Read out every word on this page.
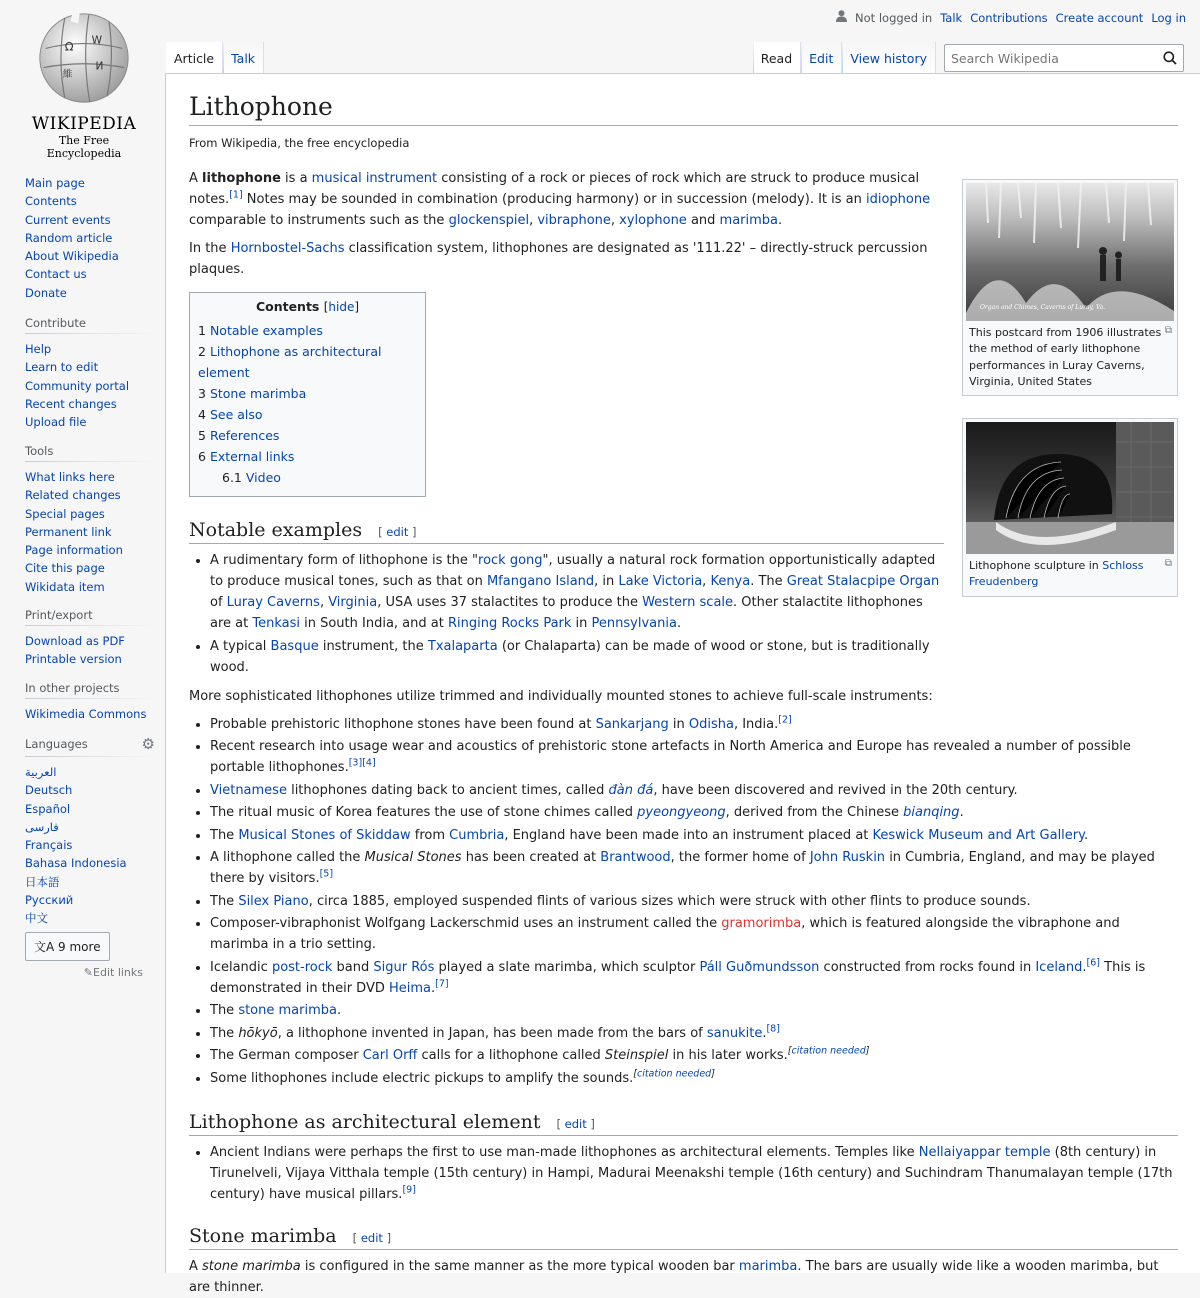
Ω W
И
維
WIKIPEDIA
The Free Encyclopedia
Main page
Contents
Current events
Random article
About Wikipedia
Contact us
Donate
Contribute
Help
Learn to edit
Community portal
Recent changes
Upload file
Tools
What links here
Related changes
Special pages
Permanent link
Page information
Cite this page
Wikidata item
Print/export
Download as PDF
Printable version
In other projects
Wikimedia Commons
Languages	⚙
العربية
Deutsch
Español
فارسی
Français
Bahasa Indonesia
日本語
Русский
中文
文A 9 more
✎Edit links
Not logged in Talk Contributions Create account Log in
Article	Talk	Read	Edit	View history
Search Wikipedia
Lithophone
From Wikipedia, the free encyclopedia
Organ and Chimes, Caverns of Luray, Va.
⧉
This postcard from 1906 illustrates the method of early lithophone performances in Luray Caverns, Virginia, United States
⧉
Lithophone sculpture in Schloss Freudenberg

A lithophone is a musical instrument consisting of a rock or pieces of rock which are struck to produce musical notes.[1] Notes may be sounded in combination (producing harmony) or in succession (melody). It is an idiophone comparable to instruments such as the glockenspiel, vibraphone, xylophone and marimba.

In the Hornbostel-Sachs classification system, lithophones are designated as '111.22' – directly-struck percussion plaques.

Contents [hide]
1 Notable examples
2 Lithophone as architectural element
3 Stone marimba
4 See also
5 References
6 External links
6.1 Video
Notable examples [ edit ]
• A rudimentary form of lithophone is the "rock gong", usually a natural rock formation opportunistically adapted to produce musical tones, such as that on Mfangano Island, in Lake Victoria, Kenya. The Great Stalacpipe Organ of Luray Caverns, Virginia, USA uses 37 stalactites to produce the Western scale. Other stalactite lithophones are at Tenkasi in South India, and at Ringing Rocks Park in Pennsylvania.
• A typical Basque instrument, the Txalaparta (or Chalaparta) can be made of wood or stone, but is traditionally wood.

More sophisticated lithophones utilize trimmed and individually mounted stones to achieve full-scale instruments:

• Probable prehistoric lithophone stones have been found at Sankarjang in Odisha, India.[2]
• Recent research into usage wear and acoustics of prehistoric stone artefacts in North America and Europe has revealed a number of possible portable lithophones.[3][4]
• Vietnamese lithophones dating back to ancient times, called đàn đá, have been discovered and revived in the 20th century.
• The ritual music of Korea features the use of stone chimes called pyeongyeong, derived from the Chinese bianqing.
• The Musical Stones of Skiddaw from Cumbria, England have been made into an instrument placed at Keswick Museum and Art Gallery.
• A lithophone called the Musical Stones has been created at Brantwood, the former home of John Ruskin in Cumbria, England, and may be played there by visitors.[5]
• The Silex Piano, circa 1885, employed suspended flints of various sizes which were struck with other flints to produce sounds.
• Composer-vibraphonist Wolfgang Lackerschmid uses an instrument called the gramorimba, which is featured alongside the vibraphone and marimba in a trio setting.
• Icelandic post-rock band Sigur Rós played a slate marimba, which sculptor Páll Guðmundsson constructed from rocks found in Iceland.[6] This is demonstrated in their DVD Heima.[7]
• The stone marimba.
• The hōkyō, a lithophone invented in Japan, has been made from the bars of sanukite.[8]
• The German composer Carl Orff calls for a lithophone called Steinspiel in his later works.[citation needed]
• Some lithophones include electric pickups to amplify the sounds.[citation needed]
Lithophone as architectural element [ edit ]
• Ancient Indians were perhaps the first to use man-made lithophones as architectural elements. Temples like Nellaiyappar temple (8th century) in Tirunelveli, Vijaya Vitthala temple (15th century) in Hampi, Madurai Meenakshi temple (16th century) and Suchindram Thanumalayan temple (17th century) have musical pillars.[9]
Stone marimba [ edit ]

A stone marimba is configured in the same manner as the more typical wooden bar marimba. The bars are usually wide like a wooden marimba, but are thinner.
